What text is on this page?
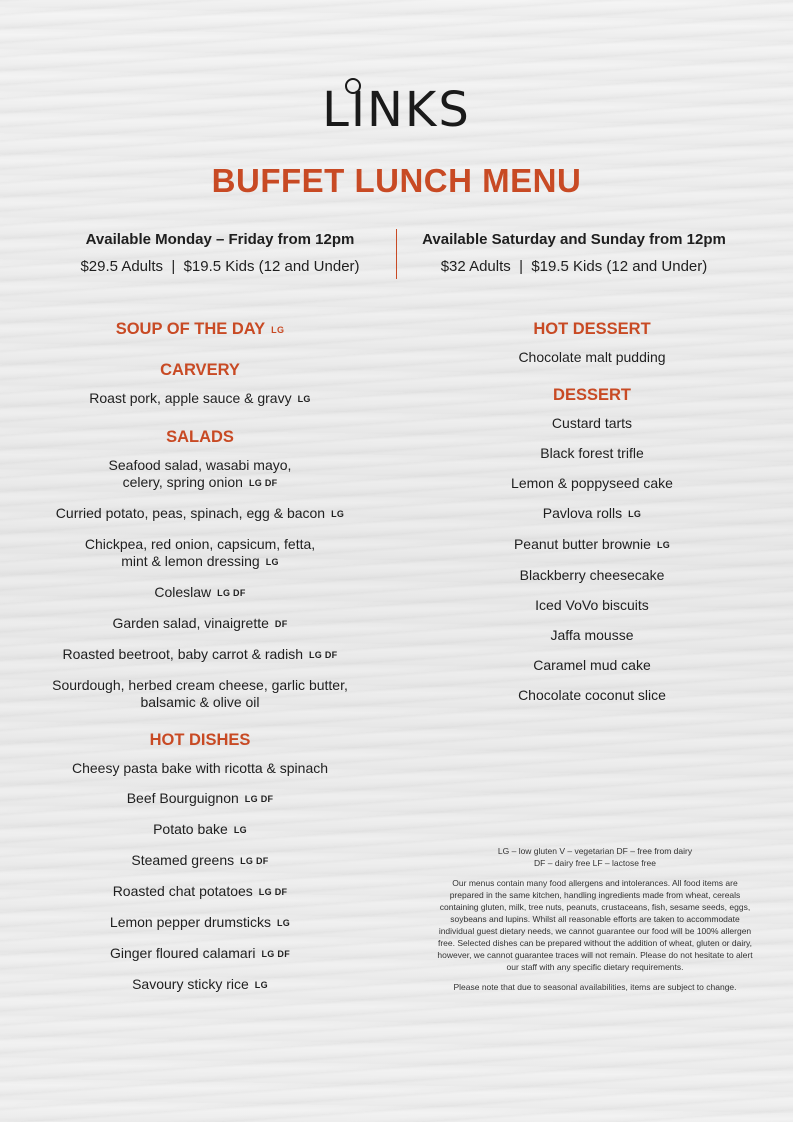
LINKS
BUFFET LUNCH MENU
Available Monday – Friday from 12pm
$29.5 Adults  |  $19.5 Kids (12 and Under)
Available Saturday and Sunday from 12pm
$32 Adults  |  $19.5 Kids (12 and Under)
SOUP OF THE DAY LG
CARVERY
Roast pork, apple sauce & gravy LG
SALADS
Seafood salad, wasabi mayo,
celery, spring onion LG DF
Curried potato, peas, spinach, egg & bacon LG
Chickpea, red onion, capsicum, fetta,
mint & lemon dressing LG
Coleslaw LG DF
Garden salad, vinaigrette DF
Roasted beetroot, baby carrot & radish LG DF
Sourdough, herbed cream cheese, garlic butter,
balsamic & olive oil
HOT DISHES
Cheesy pasta bake with ricotta & spinach
Beef Bourguignon LG DF
Potato bake LG
Steamed greens LG DF
Roasted chat potatoes LG DF
Lemon pepper drumsticks LG
Ginger floured calamari LG DF
Savoury sticky rice LG
HOT DESSERT
Chocolate malt pudding
DESSERT
Custard tarts
Black forest trifle
Lemon & poppyseed cake
Pavlova rolls LG
Peanut butter brownie LG
Blackberry cheesecake
Iced VoVo biscuits
Jaffa mousse
Caramel mud cake
Chocolate coconut slice
LG – low gluten V – vegetarian DF – free from dairy

DF – dairy free LF – lactose free

Our menus contain many food allergens and intolerances. All food items are prepared in the same kitchen, handling ingredients made from wheat, cereals containing gluten, milk, tree nuts, peanuts, crustaceans, fish, sesame seeds, eggs, soybeans and lupins. Whilst all reasonable efforts are taken to accommodate individual guest dietary needs, we cannot guarantee our food will be 100% allergen free. Selected dishes can be prepared without the addition of wheat, gluten or dairy, however, we cannot guarantee traces will not remain. Please do not hesitate to alert our staff with any specific dietary requirements.

Please note that due to seasonal availabilities, items are subject to change.
